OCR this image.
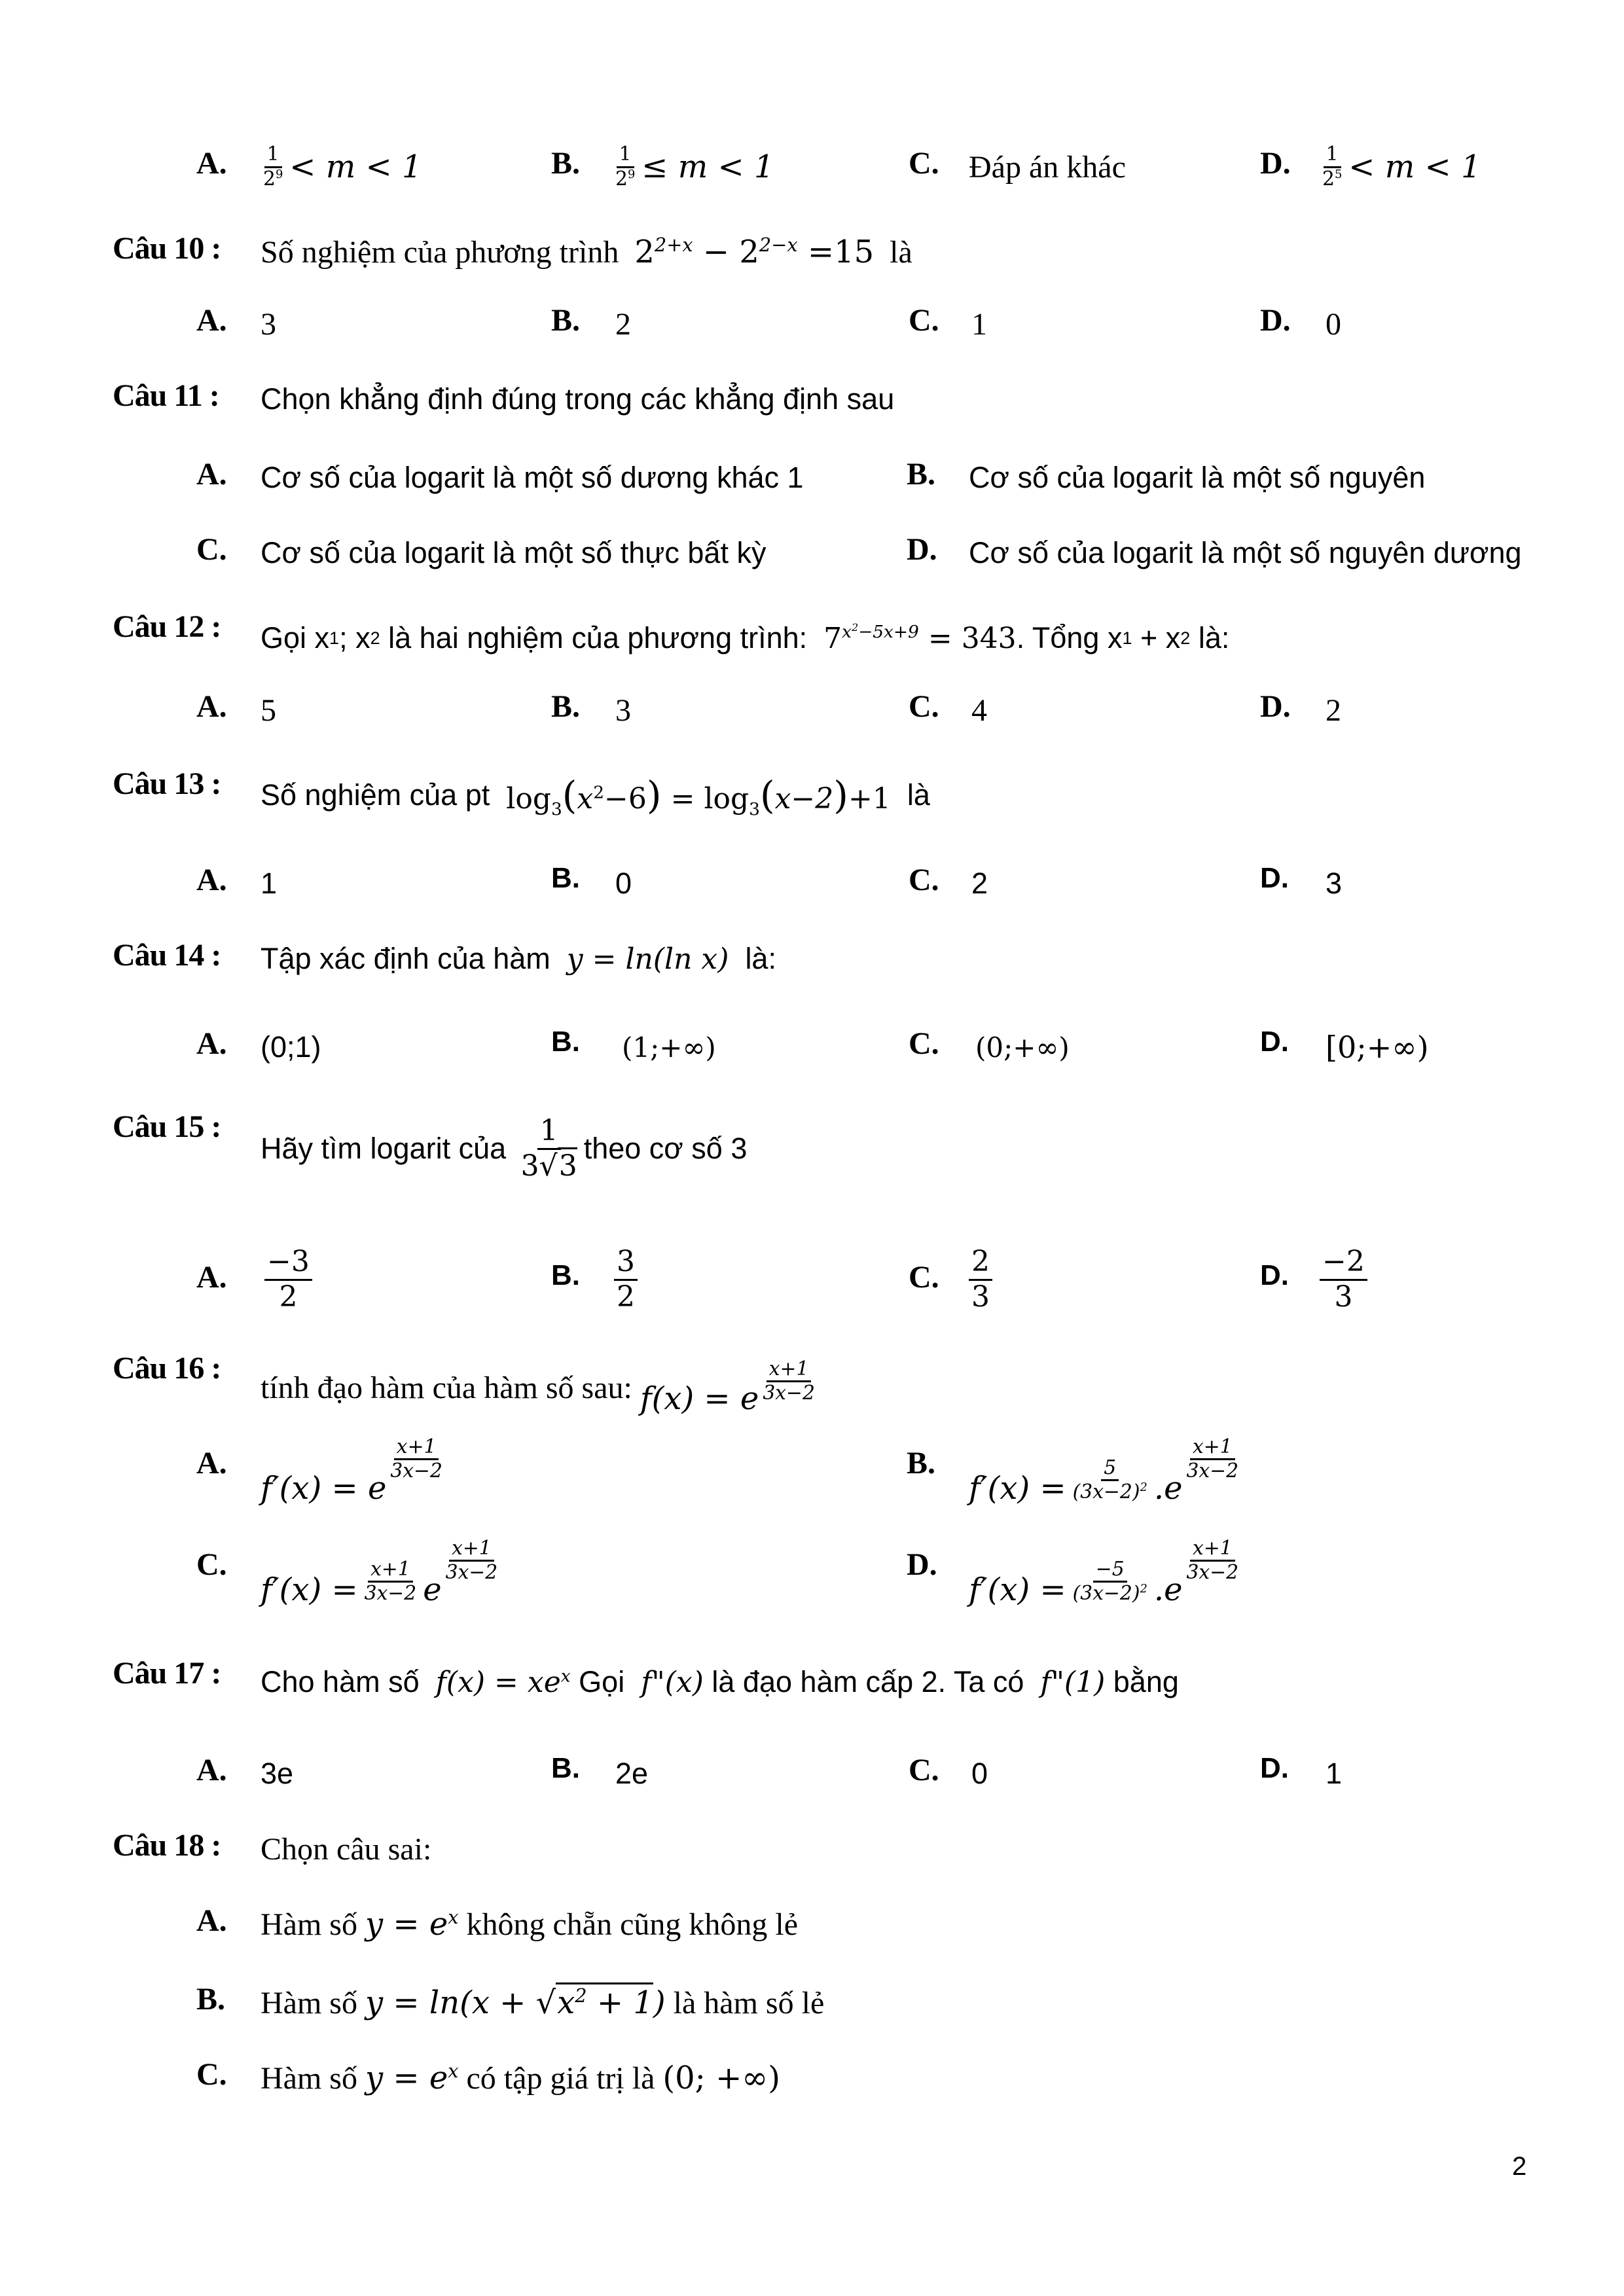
A. $\frac{1}{2^9} < m < 1$	B. $\frac{1}{2^9} \le m < 1$	C. Đáp án khác	D. $\frac{1}{2^5} < m < 1$
Câu 10 : Số nghiệm của phương trình
$2^{2+x} - 2^{2-x} =15$
là
A. 3	B. 2	C. 1	D. 0
Câu 11 : Chọn khẳng định đúng trong các khẳng định sau
A. Cơ số của logarit là một số dương khác 1	B. Cơ số của logarit là một số nguyên
C. Cơ số của logarit là một số thực bất kỳ	D. Cơ số của logarit là một số nguyên dương
Câu 12 : Gọi x 1 ; x 2
là hai nghiệm của phương trình:
$7^{x^2-5x+9} = 343$ . Tổng x 1
+ x 2
là:
A. 5	B. 3	C. 4	D. 2
Câu 13 : Số nghiệm của pt
$\log_3(x^2-6) = \log_3(x-2)+1$
là
A. 1	B. 0	C. 2	D. 3
Câu 14 : Tập xác định của hàm
y = ln(ln x)
là:
A. (0;1)	B. (1;+∞)	C. (0;+∞)	D. [0;+∞)
Câu 15 :
Hãy tìm logarit của
$\frac{1}{3√3}$ theo cơ số 3
A. $\frac{-3}{2}$	B. $\frac{3}{2}$	C. $\frac{2}{3}$	D. $\frac{-2}{3}$
Câu 16 :
tính đạo hàm của hàm số sau:
f(x) = e $\frac{x+1}{3x-2}$
A.
f′(x) =
e
$\frac{x+1}{3x-2}$	B.
$f'(x) = \frac{5}{(3x-2)^2}$ . e
$\frac{x+1}{3x-2}$
C.
$f'(x) = \frac{x+1}{3x-2}$ e
$\frac{x+1}{3x-2}$	D.
$f'(x) = \frac{-5}{(3x-2)^2}$ . e
$\frac{x+1}{3x-2}$
Câu 17 : Cho hàm số
$f(x) = xe^x$
Gọi
f"(x)
là đạo hàm cấp 2. Ta có
f"(1)
bằng
A. 3e	B. 2e	C. 0	D. 1
Câu 18 : Chọn câu sai:
A. Hàm số
$y = e^x$
không chẵn cũng không lẻ
B. Hàm số
$y = \ln(x + √x^2 + 1)$
là hàm số lẻ
C. Hàm số
$y = e^x$
có tập giá trị là
(0; +∞)
2
